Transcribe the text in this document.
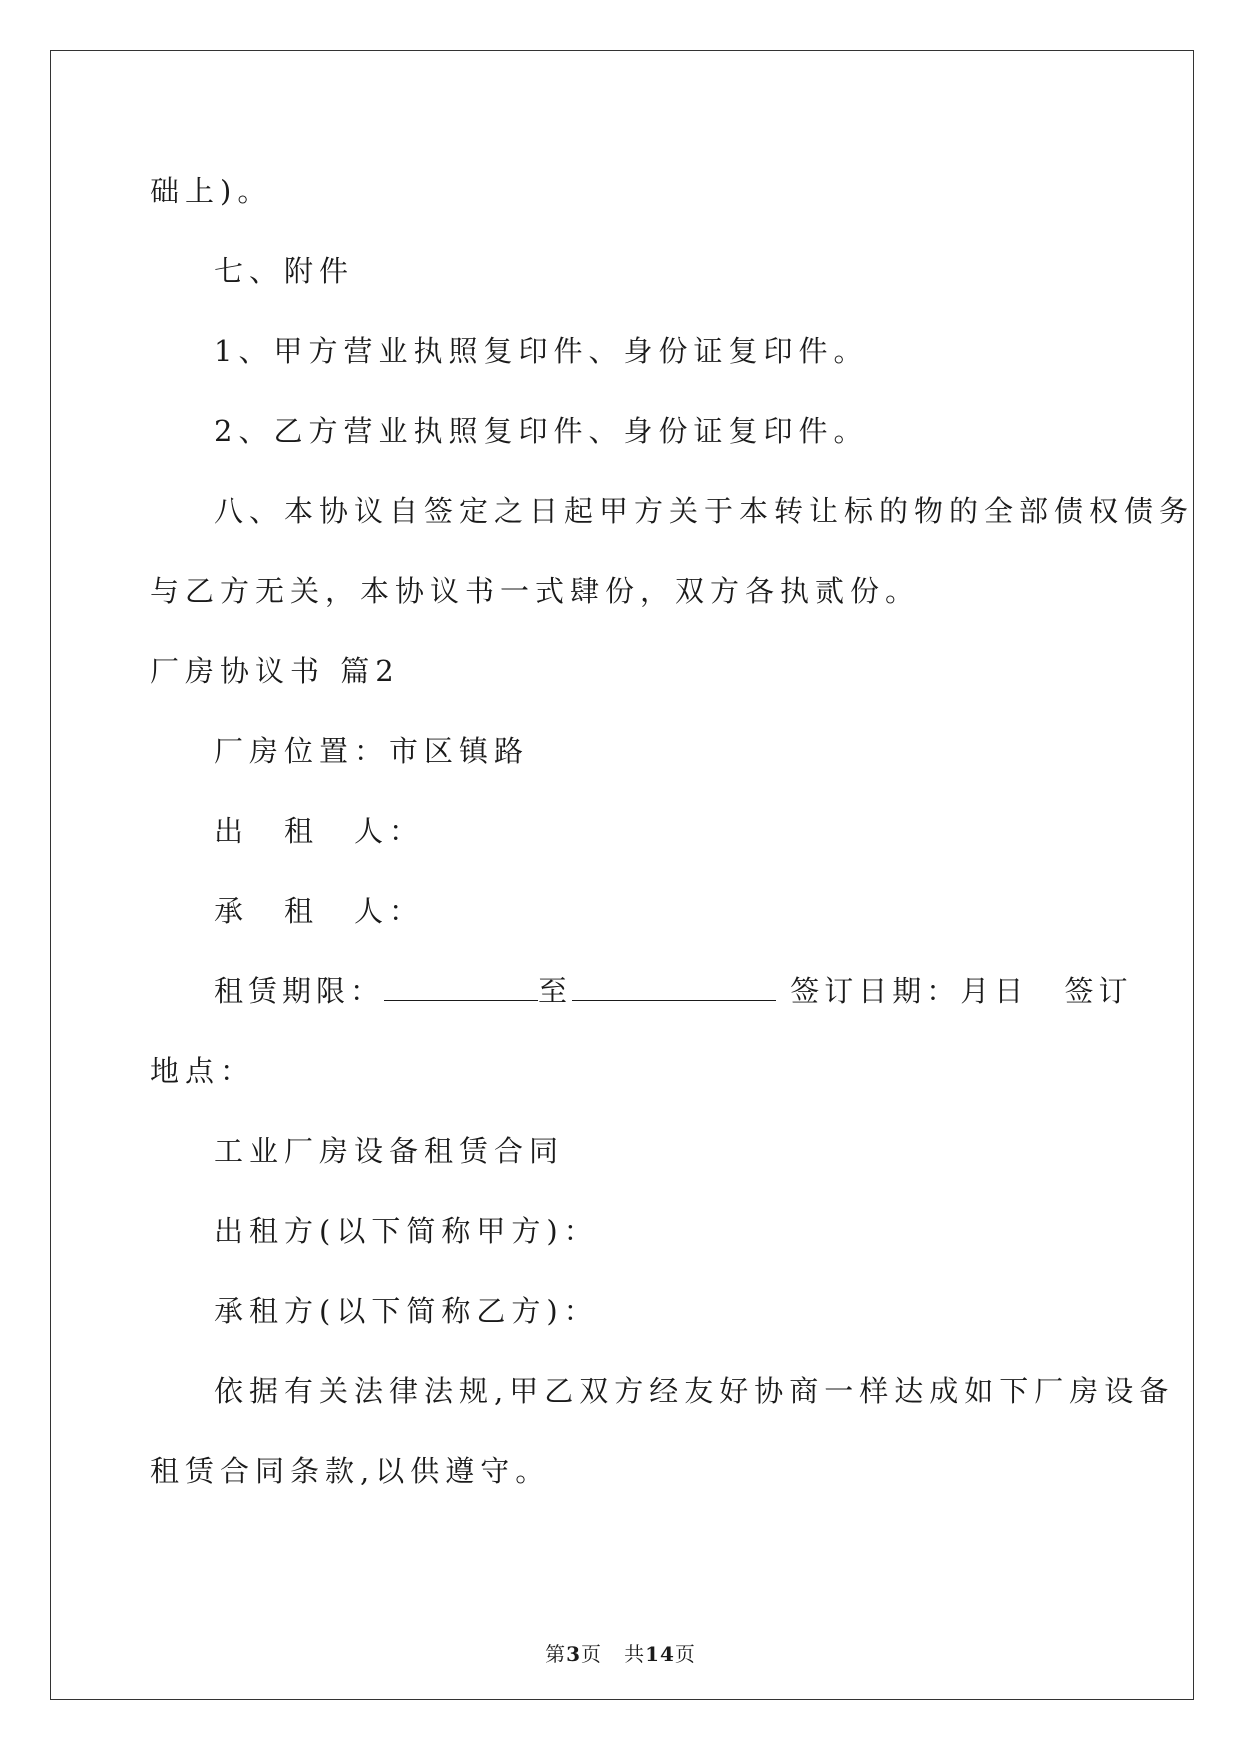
础上)。
七、附件
1、甲方营业执照复印件、身份证复印件。
2、乙方营业执照复印件、身份证复印件。
八、本协议自签定之日起甲方关于本转让标的物的全部债权债务
与乙方无关，本协议书一式肆份，双方各执贰份。
厂房协议书 篇2
厂房位置：市区镇路
出　租　人：
承　租　人：
租赁期限：	至	签订日期：月日 签订
地点：
工业厂房设备租赁合同
出租方(以下简称甲方)：
承租方(以下简称乙方)：
依据有关法律法规,甲乙双方经友好协商一样达成如下厂房设备
租赁合同条款,以供遵守。
第3页 共14页
